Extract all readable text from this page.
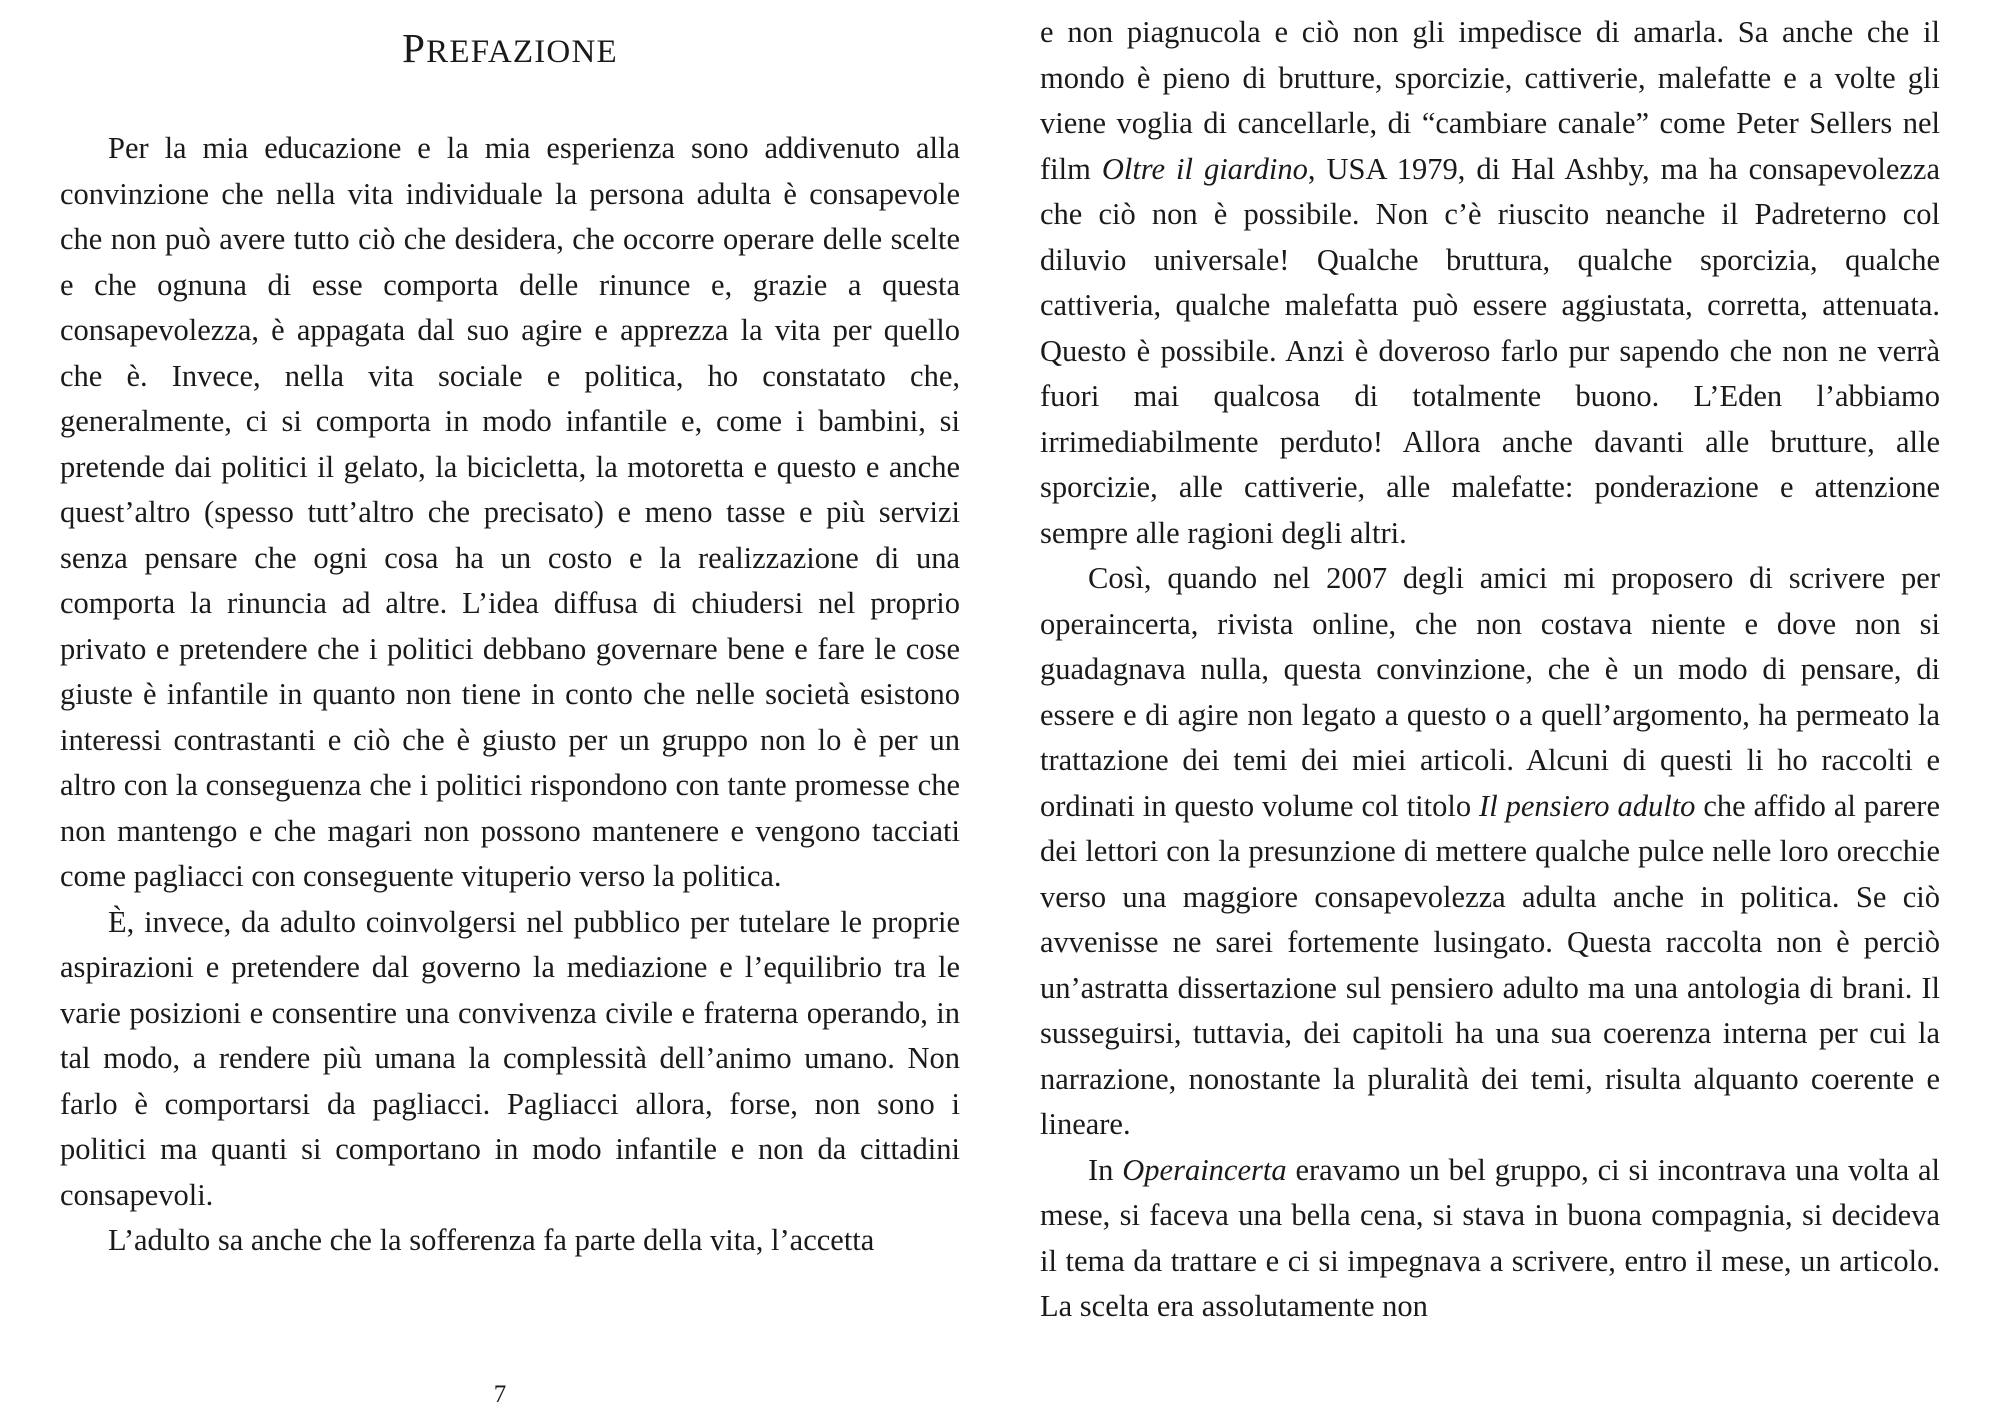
PREFAZIONE

Per la mia educazione e la mia esperienza sono addivenuto alla convinzione che nella vita individuale la persona adulta è consapevole che non può avere tutto ciò che desidera, che occorre operare delle scelte e che ognuna di esse comporta delle rinunce e, grazie a questa consapevolezza, è appagata dal suo agire e apprezza la vita per quello che è. Invece, nella vita sociale e politica, ho constatato che, generalmente, ci si comporta in modo infantile e, come i bambini, si pretende dai politici il gelato, la bicicletta, la motoretta e questo e anche quest’altro (spesso tutt’altro che precisato) e meno tasse e più servizi senza pensare che ogni cosa ha un costo e la realizzazione di una comporta la rinuncia ad altre. L’idea diffusa di chiudersi nel proprio privato e pretendere che i politici debbano governare bene e fare le cose giuste è infantile in quanto non tiene in conto che nelle società esistono interessi contrastanti e ciò che è giusto per un gruppo non lo è per un altro con la conseguenza che i politici rispondono con tante promesse che non mantengo e che magari non possono mantenere e vengono tacciati come pagliacci con conseguente vituperio verso la politica.

È, invece, da adulto coinvolgersi nel pubblico per tutelare le proprie aspirazioni e pretendere dal governo la mediazione e l’equilibrio tra le varie posizioni e consentire una convivenza civile e fraterna operando, in tal modo, a rendere più umana la complessità dell’animo umano. Non farlo è comportarsi da pagliacci. Pagliacci allora, forse, non sono i politici ma quanti si comportano in modo infantile e non da cittadini consapevoli.

L’adulto sa anche che la sofferenza fa parte della vita, l’accetta

7

e non piagnucola e ciò non gli impedisce di amarla. Sa anche che il mondo è pieno di brutture, sporcizie, cattiverie, malefatte e a volte gli viene voglia di cancellarle, di “cambiare canale” come Peter Sellers nel film Oltre il giardino, USA 1979, di Hal Ashby, ma ha consapevolezza che ciò non è possibile. Non c’è riuscito neanche il Padreterno col diluvio universale! Qualche bruttura, qualche sporcizia, qualche cattiveria, qualche malefatta può essere aggiustata, corretta, attenuata. Questo è possibile. Anzi è doveroso farlo pur sapendo che non ne verrà fuori mai qualcosa di totalmente buono. L’Eden l’abbiamo irrimediabilmente perduto! Allora anche davanti alle brutture, alle sporcizie, alle cattiverie, alle malefatte: ponderazione e attenzione sempre alle ragioni degli altri.

Così, quando nel 2007 degli amici mi proposero di scrivere per operaincerta, rivista online, che non costava niente e dove non si guadagnava nulla, questa convinzione, che è un modo di pensare, di essere e di agire non legato a questo o a quell’argomento, ha permeato la trattazione dei temi dei miei articoli. Alcuni di questi li ho raccolti e ordinati in questo volume col titolo Il pensiero adulto che affido al parere dei lettori con la presunzione di mettere qualche pulce nelle loro orecchie verso una maggiore consapevolezza adulta anche in politica. Se ciò avvenisse ne sarei fortemente lusingato. Questa raccolta non è perciò un’astratta dissertazione sul pensiero adulto ma una antologia di brani. Il susseguirsi, tuttavia, dei capitoli ha una sua coerenza interna per cui la narrazione, nonostante la pluralità dei temi, risulta alquanto coerente e lineare.

In Operaincerta eravamo un bel gruppo, ci si incontrava una volta al mese, si faceva una bella cena, si stava in buona compagnia, si decideva il tema da trattare e ci si impegnava a scrivere, entro il mese, un articolo. La scelta era assolutamente non
